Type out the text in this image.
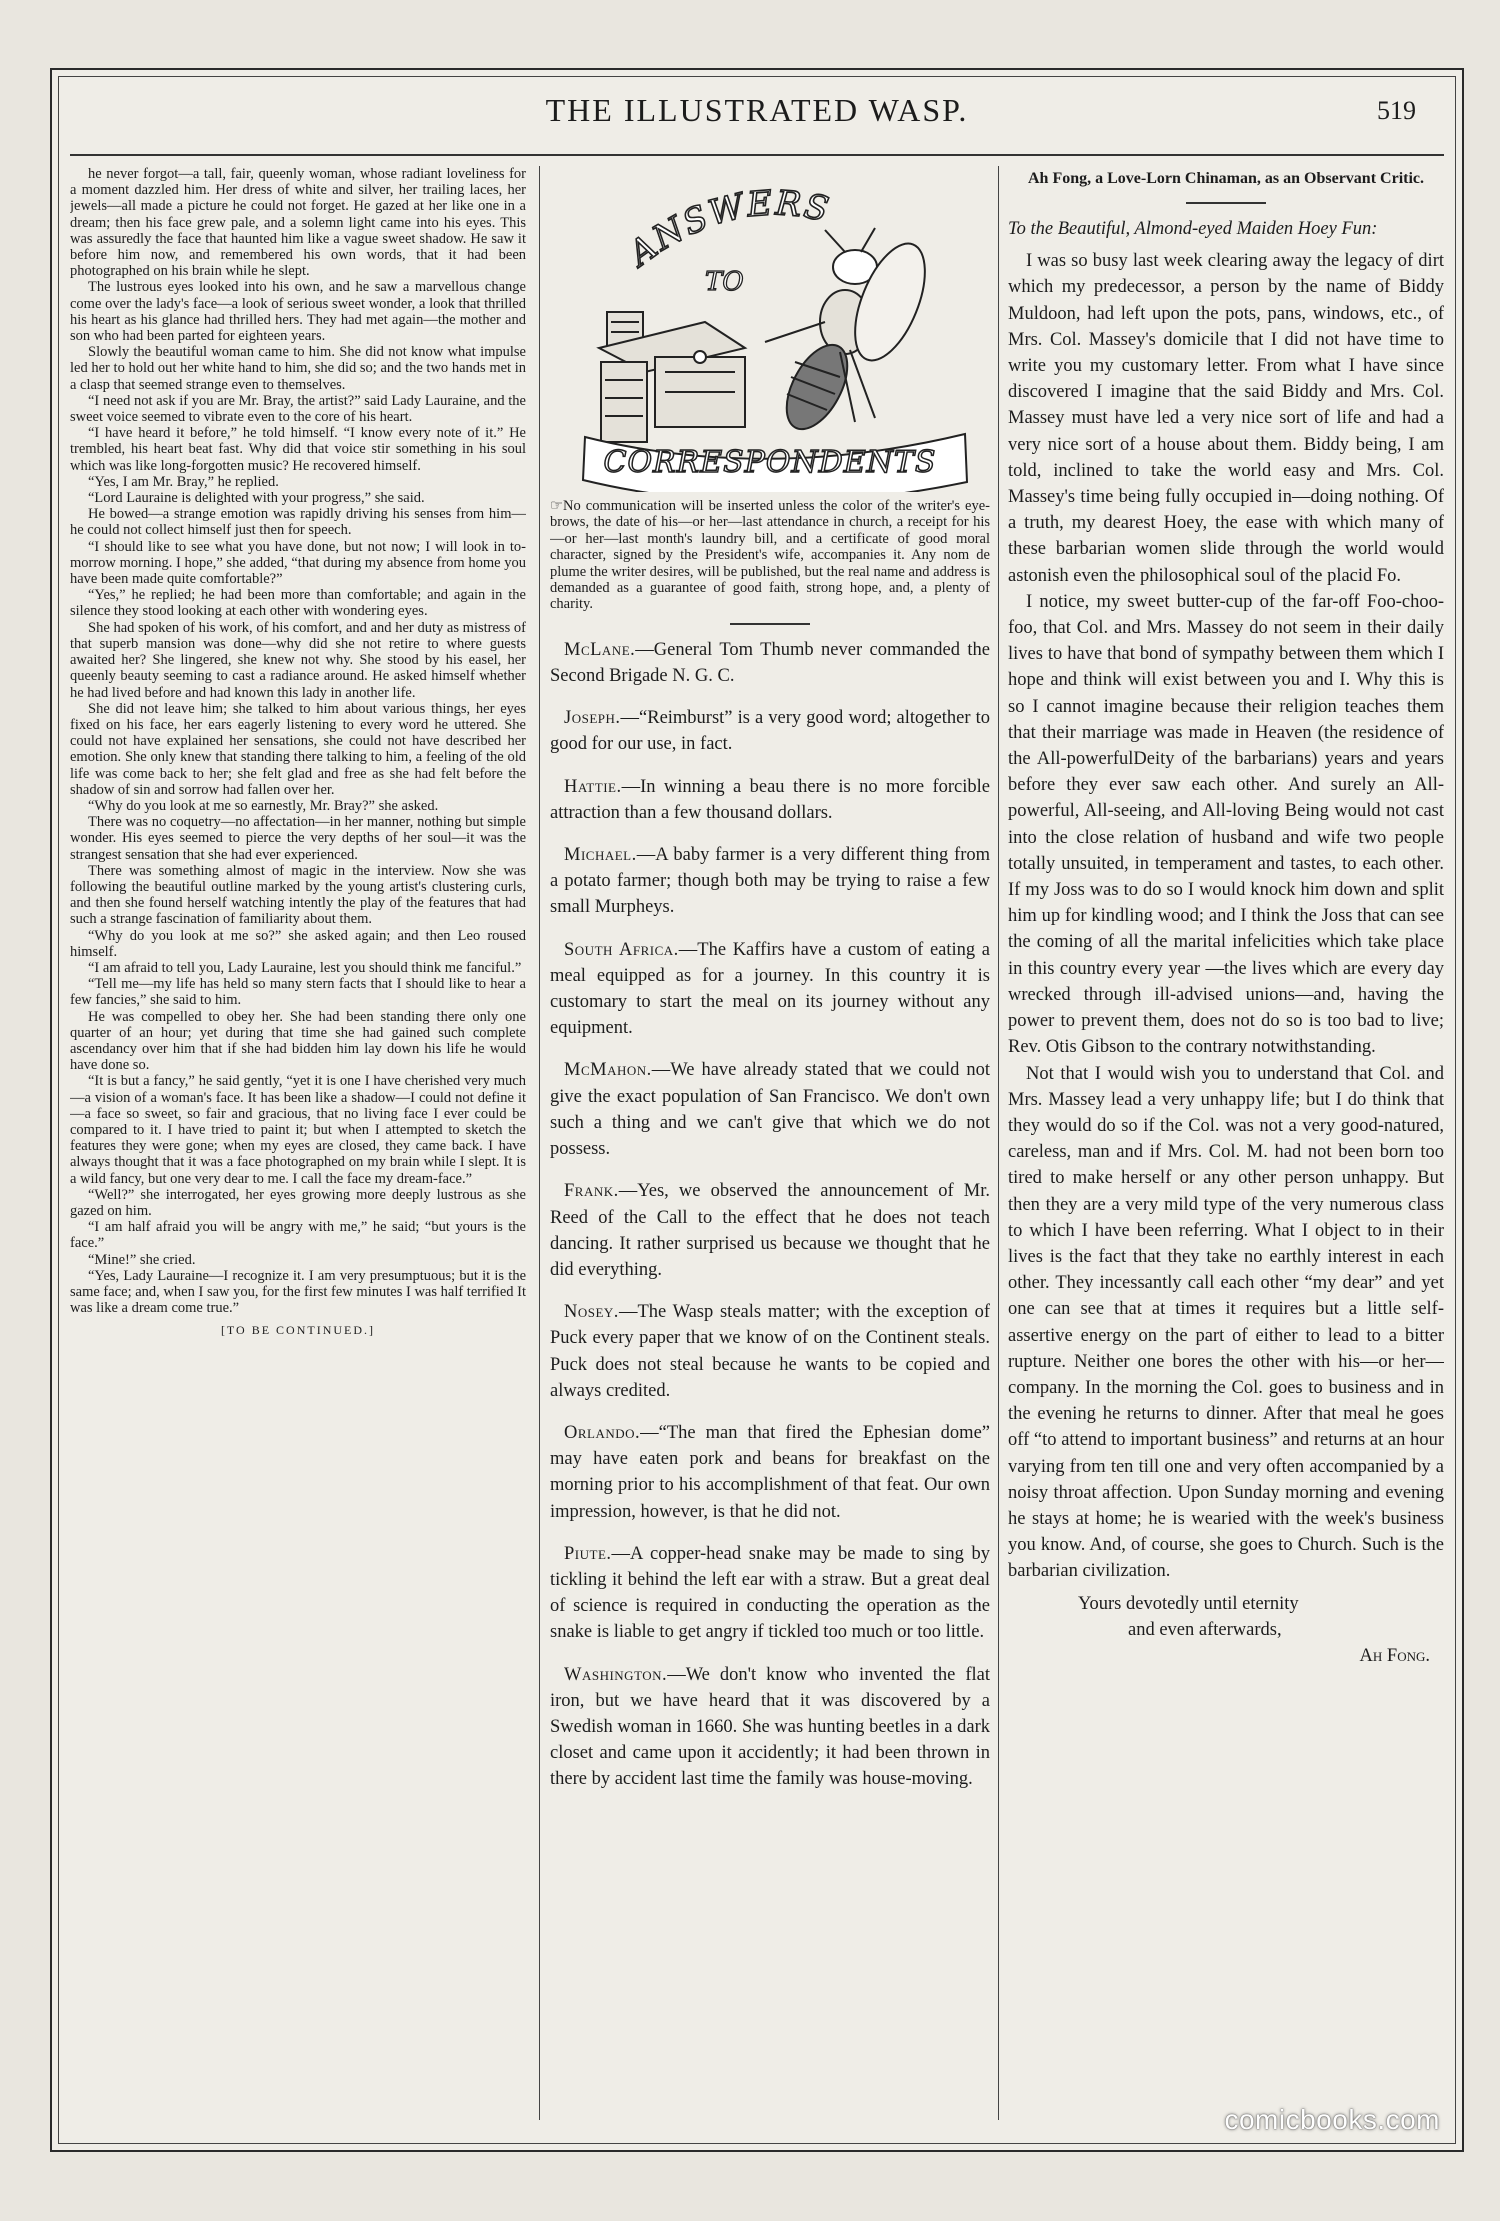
THE ILLUSTRATED WASP.	519

he never forgot—a tall, fair, queenly woman, whose radiant loveliness for a moment dazzled him. Her dress of white and silver, her trailing laces, her jewels—all made a picture he could not forget. He gazed at her like one in a dream; then his face grew pale, and a solemn light came into his eyes. This was assuredly the face that haunted him like a vague sweet shadow. He saw it before him now, and remembered his own words, that it had been photographed on his brain while he slept.

The lustrous eyes looked into his own, and he saw a marvellous change come over the lady's face—a look of serious sweet wonder, a look that thrilled his heart as his glance had thrilled hers. They had met again—the mother and son who had been parted for eighteen years.

Slowly the beautiful woman came to him. She did not know what impulse led her to hold out her white hand to him, she did so; and the two hands met in a clasp that seemed strange even to themselves.

“I need not ask if you are Mr. Bray, the artist?” said Lady Lauraine, and the sweet voice seemed to vibrate even to the core of his heart.

“I have heard it before,” he told himself. “I know every note of it.” He trembled, his heart beat fast. Why did that voice stir something in his soul which was like long-forgotten music? He recovered himself.

“Yes, I am Mr. Bray,” he replied.

“Lord Lauraine is delighted with your progress,” she said.

He bowed—a strange emotion was rapidly driving his senses from him—he could not collect himself just then for speech.

“I should like to see what you have done, but not now; I will look in to-morrow morning. I hope,” she added, “that during my absence from home you have been made quite comfortable?”

“Yes,” he replied; he had been more than comfortable; and again in the silence they stood looking at each other with wondering eyes.

She had spoken of his work, of his comfort, and and her duty as mistress of that superb mansion was done—why did she not retire to where guests awaited her? She lingered, she knew not why. She stood by his easel, her queenly beauty seeming to cast a radiance around. He asked himself whether he had lived before and had known this lady in another life.

She did not leave him; she talked to him about various things, her eyes fixed on his face, her ears eagerly listening to every word he uttered. She could not have explained her sensations, she could not have described her emotion. She only knew that standing there talking to him, a feeling of the old life was come back to her; she felt glad and free as she had felt before the shadow of sin and sorrow had fallen over her.

“Why do you look at me so earnestly, Mr. Bray?” she asked.

There was no coquetry—no affectation—in her manner, nothing but simple wonder. His eyes seemed to pierce the very depths of her soul—it was the strangest sensation that she had ever experienced.

There was something almost of magic in the interview. Now she was following the beautiful outline marked by the young artist's clustering curls, and then she found herself watching intently the play of the features that had such a strange fascination of familiarity about them.

“Why do you look at me so?” she asked again; and then Leo roused himself.

“I am afraid to tell you, Lady Lauraine, lest you should think me fanciful.”

“Tell me—my life has held so many stern facts that I should like to hear a few fancies,” she said to him.

He was compelled to obey her. She had been standing there only one quarter of an hour; yet during that time she had gained such complete ascendancy over him that if she had bidden him lay down his life he would have done so.

“It is but a fancy,” he said gently, “yet it is one I have cherished very much—a vision of a woman's face. It has been like a shadow—I could not define it—a face so sweet, so fair and gracious, that no living face I ever could be compared to it. I have tried to paint it; but when I attempted to sketch the features they were gone; when my eyes are closed, they came back. I have always thought that it was a face photographed on my brain while I slept. It is a wild fancy, but one very dear to me. I call the face my dream-face.”

“Well?” she interrogated, her eyes growing more deeply lustrous as she gazed on him.

“I am half afraid you will be angry with me,” he said; “but yours is the face.”

“Mine!” she cried.

“Yes, Lady Lauraine—I recognize it. I am very presumptuous; but it is the same face; and, when I saw you, for the first few minutes I was half terrified It was like a dream come true.”

[TO BE CONTINUED.]
ANSWERS
TO
CORRESPONDENTS

☞No communication will be inserted unless the color of the writer's eye-brows, the date of his—or her—last attendance in church, a receipt for his—or her—last month's laundry bill, and a certificate of good moral character, signed by the President's wife, accompanies it. Any nom de plume the writer desires, will be published, but the real name and address is demanded as a guarantee of good faith, strong hope, and, a plenty of charity.

McLane.—General Tom Thumb never commanded the Second Brigade N. G. C.

Joseph.—“Reimburst” is a very good word; altogether to good for our use, in fact.

Hattie.—In winning a beau there is no more forcible attraction than a few thousand dollars.

Michael.—A baby farmer is a very different thing from a potato farmer; though both may be trying to raise a few small Murpheys.

South Africa.—The Kaffirs have a custom of eating a meal equipped as for a journey. In this country it is customary to start the meal on its journey without any equipment.

McMahon.—We have already stated that we could not give the exact population of San Francisco. We don't own such a thing and we can't give that which we do not possess.

Frank.—Yes, we observed the announcement of Mr. Reed of the Call to the effect that he does not teach dancing. It rather surprised us because we thought that he did everything.

Nosey.—The Wasp steals matter; with the exception of Puck every paper that we know of on the Continent steals. Puck does not steal because he wants to be copied and always credited.

Orlando.—“The man that fired the Ephesian dome” may have eaten pork and beans for breakfast on the morning prior to his accomplishment of that feat. Our own impression, however, is that he did not.

Piute.—A copper-head snake may be made to sing by tickling it behind the left ear with a straw. But a great deal of science is required in conducting the operation as the snake is liable to get angry if tickled too much or too little.

Washington.—We don't know who invented the flat iron, but we have heard that it was discovered by a Swedish woman in 1660. She was hunting beetles in a dark closet and came upon it accidently; it had been thrown in there by accident last time the family was house-moving.

Ah Fong, a Love-Lorn Chinaman, as an Observant Critic.

To the Beautiful, Almond-eyed Maiden Hoey Fun:

I was so busy last week clearing away the legacy of dirt which my predecessor, a person by the name of Biddy Muldoon, had left upon the pots, pans, windows, etc., of Mrs. Col. Massey's domicile that I did not have time to write you my customary letter. From what I have since discovered I imagine that the said Biddy and Mrs. Col. Massey must have led a very nice sort of life and had a very nice sort of a house about them. Biddy being, I am told, inclined to take the world easy and Mrs. Col. Massey's time being fully occupied in—doing nothing. Of a truth, my dearest Hoey, the ease with which many of these barbarian women slide through the world would astonish even the philosophical soul of the placid Fo.

I notice, my sweet butter-cup of the far-off Foo-choo-foo, that Col. and Mrs. Massey do not seem in their daily lives to have that bond of sympathy between them which I hope and think will exist between you and I. Why this is so I cannot imagine because their religion teaches them that their marriage was made in Heaven (the residence of the All-powerfulDeity of the barbarians) years and years before they ever saw each other. And surely an All-powerful, All-seeing, and All-loving Being would not cast into the close relation of husband and wife two people totally unsuited, in temperament and tastes, to each other. If my Joss was to do so I would knock him down and split him up for kindling wood; and I think the Joss that can see the coming of all the marital infelicities which take place in this country every year —the lives which are every day wrecked through ill-advised unions—and, having the power to prevent them, does not do so is too bad to live; Rev. Otis Gibson to the contrary notwithstanding.

Not that I would wish you to understand that Col. and Mrs. Massey lead a very unhappy life; but I do think that they would do so if the Col. was not a very good-natured, careless, man and if Mrs. Col. M. had not been born too tired to make herself or any other person unhappy. But then they are a very mild type of the very numerous class to which I have been referring. What I object to in their lives is the fact that they take no earthly interest in each other. They incessantly call each other “my dear” and yet one can see that at times it requires but a little self-assertive energy on the part of either to lead to a bitter rupture. Neither one bores the other with his—or her—company. In the morning the Col. goes to business and in the evening he returns to dinner. After that meal he goes off “to attend to important business” and returns at an hour varying from ten till one and very often accompanied by a noisy throat affection. Upon Sunday morning and evening he stays at home; he is wearied with the week's business you know. And, of course, she goes to Church. Such is the barbarian civilization.

Yours devotedly until eternity

and even afterwards,

Ah Fong.

comicbooks.com
